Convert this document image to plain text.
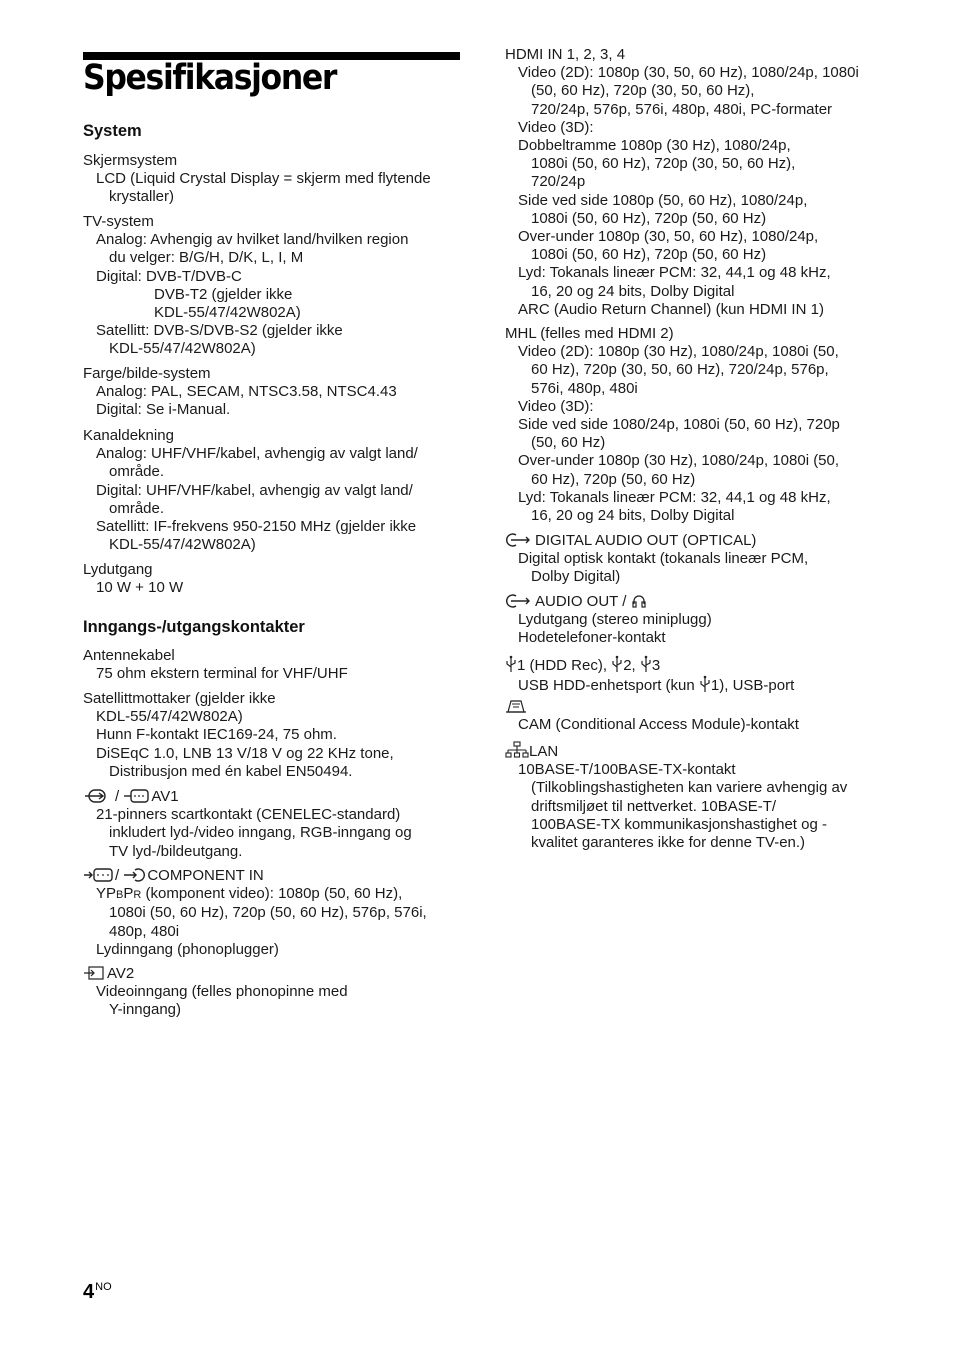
Spesifikasjoner
System
Skjermsystem
LCD (Liquid Crystal Display = skjerm med flytende
krystaller)
TV-system
Analog: Avhengig av hvilket land/hvilken region
du velger: B/G/H, D/K, L, I, M
Digital: DVB-T/DVB-C
DVB-T2 (gjelder ikke
KDL-55/47/42W802A)
Satellitt: DVB-S/DVB-S2 (gjelder ikke
KDL-55/47/42W802A)
Farge/bilde-system
Analog: PAL, SECAM, NTSC3.58, NTSC4.43
Digital: Se i-Manual.
Kanaldekning
Analog: UHF/VHF/kabel, avhengig av valgt land/
område.
Digital: UHF/VHF/kabel, avhengig av valgt land/
område.
Satellitt: IF-frekvens 950-2150 MHz (gjelder ikke
KDL-55/47/42W802A)
Lydutgang
10 W + 10 W
Inngangs-/utgangskontakter
Antennekabel
75 ohm ekstern terminal for VHF/UHF
Satellittmottaker (gjelder ikke
KDL-55/47/42W802A)
Hunn F-kontakt IEC169-24, 75 ohm.
DiSEqC 1.0, LNB 13 V/18 V og 22 KHz tone,
Distribusjon med én kabel EN50494.
/ AV1
21-pinners scartkontakt (CENELEC-standard)
inkludert lyd-/video inngang, RGB-inngang og
TV lyd-/bildeutgang.
/ COMPONENT IN
YPBPR (komponent video): 1080p (50, 60 Hz),
1080i (50, 60 Hz), 720p (50, 60 Hz), 576p, 576i,
480p, 480i
Lydinngang (phonoplugger)
AV2
Videoinngang (felles phonopinne med
Y-inngang)
HDMI IN 1, 2, 3, 4
Video (2D): 1080p (30, 50, 60 Hz), 1080/24p, 1080i
(50, 60 Hz), 720p (30, 50, 60 Hz),
720/24p, 576p, 576i, 480p, 480i, PC-formater
Video (3D):
Dobbeltramme 1080p (30 Hz), 1080/24p,
1080i (50, 60 Hz), 720p (30, 50, 60 Hz),
720/24p
Side ved side 1080p (50, 60 Hz), 1080/24p,
1080i (50, 60 Hz), 720p (50, 60 Hz)
Over-under 1080p (30, 50, 60 Hz), 1080/24p,
1080i (50, 60 Hz), 720p (50, 60 Hz)
Lyd: Tokanals lineær PCM: 32, 44,1 og 48 kHz,
16, 20 og 24 bits, Dolby Digital
ARC (Audio Return Channel) (kun HDMI IN 1)
MHL (felles med HDMI 2)
Video (2D): 1080p (30 Hz), 1080/24p, 1080i (50,
60 Hz), 720p (30, 50, 60 Hz), 720/24p, 576p,
576i, 480p, 480i
Video (3D):
Side ved side 1080/24p, 1080i (50, 60 Hz), 720p
(50, 60 Hz)
Over-under 1080p (30 Hz), 1080/24p, 1080i (50,
60 Hz), 720p (50, 60 Hz)
Lyd: Tokanals lineær PCM: 32, 44,1 og 48 kHz,
16, 20 og 24 bits, Dolby Digital
DIGITAL AUDIO OUT (OPTICAL)
Digital optisk kontakt (tokanals lineær PCM,
Dolby Digital)
AUDIO OUT /
Lydutgang (stereo miniplugg)
Hodetelefoner-kontakt
1 (HDD Rec), 2, 3
USB HDD-enhetsport (kun 1), USB-port
CAM (Conditional Access Module)-kontakt
LAN
10BASE-T/100BASE-TX-kontakt
(Tilkoblingshastigheten kan variere avhengig av
driftsmiljøet til nettverket. 10BASE-T/
100BASE-TX kommunikasjonshastighet og -
kvalitet garanteres ikke for denne TV-en.)
$4^{NO}$
